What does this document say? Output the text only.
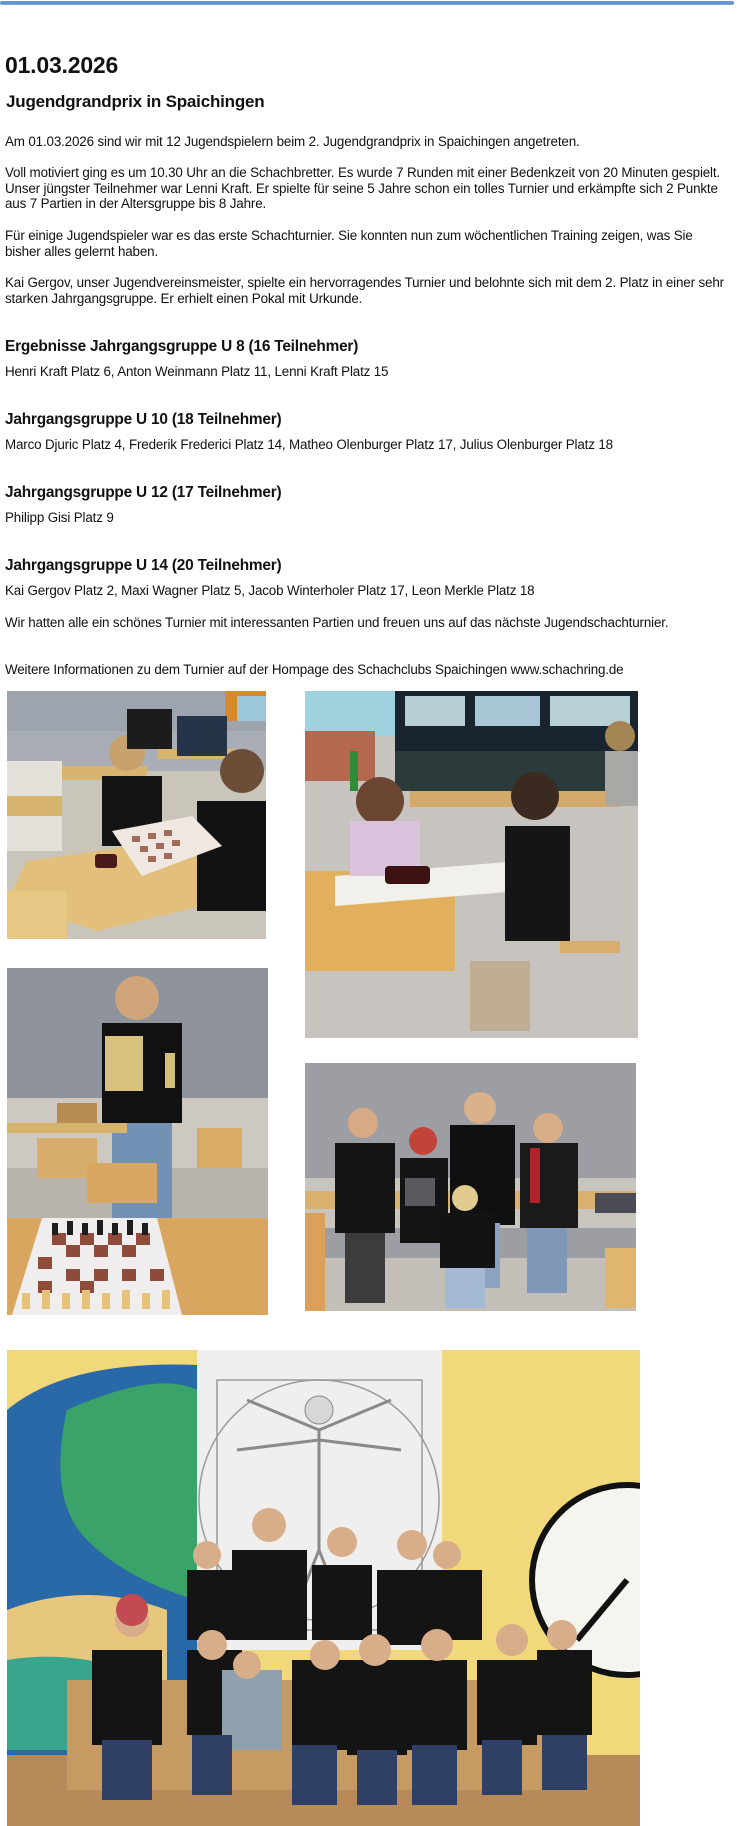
01.03.2026
Jugendgrandprix in Spaichingen

Am 01.03.2026 sind wir mit 12 Jugendspielern beim 2. Jugendgrandprix in Spaichingen angetreten.

Voll motiviert ging es um 10.30 Uhr an die Schachbretter. Es wurde 7 Runden mit einer Bedenkzeit von 20 Minuten gespielt. Unser jüngster Teilnehmer war Lenni Kraft. Er spielte für seine 5 Jahre schon ein tolles Turnier und erkämpfte sich 2 Punkte aus 7 Partien in der Altersgruppe bis 8 Jahre.

Für einige Jugendspieler war es das erste Schachturnier. Sie konnten nun zum wöchentlichen Training zeigen, was Sie bisher alles gelernt haben.

Kai Gergov, unser Jugendvereinsmeister, spielte ein hervorragendes Turnier und belohnte sich mit dem 2. Platz in einer sehr starken Jahrgangsgruppe. Er erhielt einen Pokal mit Urkunde.

Ergebnisse Jahrgangsgruppe U 8 (16 Teilnehmer)

Henri Kraft Platz 6, Anton Weinmann Platz 11, Lenni Kraft Platz 15

Jahrgangsgruppe U 10 (18 Teilnehmer)

Marco Djuric Platz 4, Frederik Frederici Platz 14, Matheo Olenburger Platz 17, Julius Olenburger Platz 18

Jahrgangsgruppe U 12 (17 Teilnehmer)

Philipp Gisi Platz 9

Jahrgangsgruppe U 14 (20 Teilnehmer)

Kai Gergov Platz 2, Maxi Wagner Platz 5, Jacob Winterholer Platz 17, Leon Merkle Platz 18

Wir hatten alle ein schönes Turnier mit interessanten Partien und freuen uns auf das nächste Jugendschachturnier.

Weitere Informationen zu dem Turnier auf der Hompage des Schachclubs Spaichingen www.schachring.de
